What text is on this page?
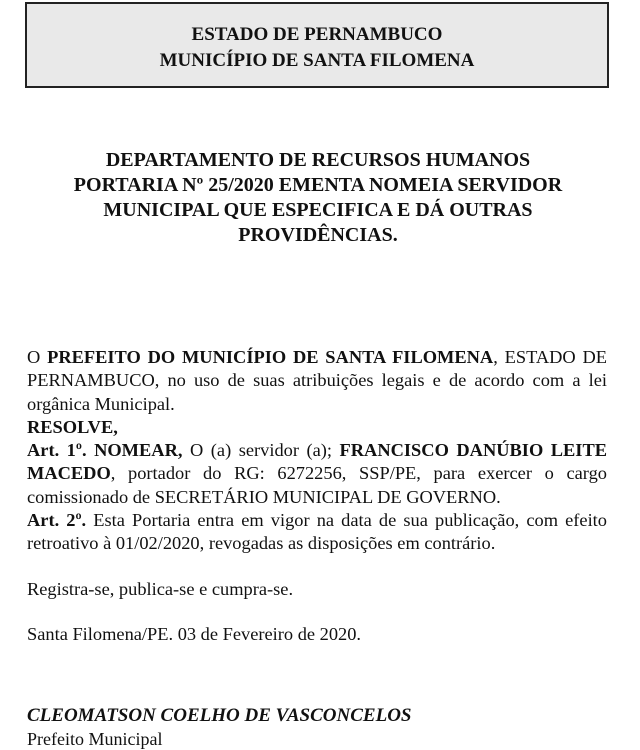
ESTADO DE PERNAMBUCO
MUNICÍPIO DE SANTA FILOMENA
DEPARTAMENTO DE RECURSOS HUMANOS
PORTARIA Nº 25/2020 EMENTA NOMEIA SERVIDOR
MUNICIPAL QUE ESPECIFICA E DÁ OUTRAS
PROVIDÊNCIAS.

O PREFEITO DO MUNICÍPIO DE SANTA FILOMENA, ESTADO DE PERNAMBUCO, no uso de suas atribuições legais e de acordo com a lei orgânica Municipal.

RESOLVE,

Art. 1º. NOMEAR, O (a) servidor (a); FRANCISCO DANÚBIO LEITE MACEDO, portador do RG: 6272256, SSP/PE, para exercer o cargo comissionado de SECRETÁRIO MUNICIPAL DE GOVERNO.

Art. 2º. Esta Portaria entra em vigor na data de sua publicação, com efeito retroativo à 01/02/2020, revogadas as disposições em contrário.

Registra-se, publica-se e cumpra-se.

Santa Filomena/PE. 03 de Fevereiro de 2020.

CLEOMATSON COELHO DE VASCONCELOS
Prefeito Municipal
